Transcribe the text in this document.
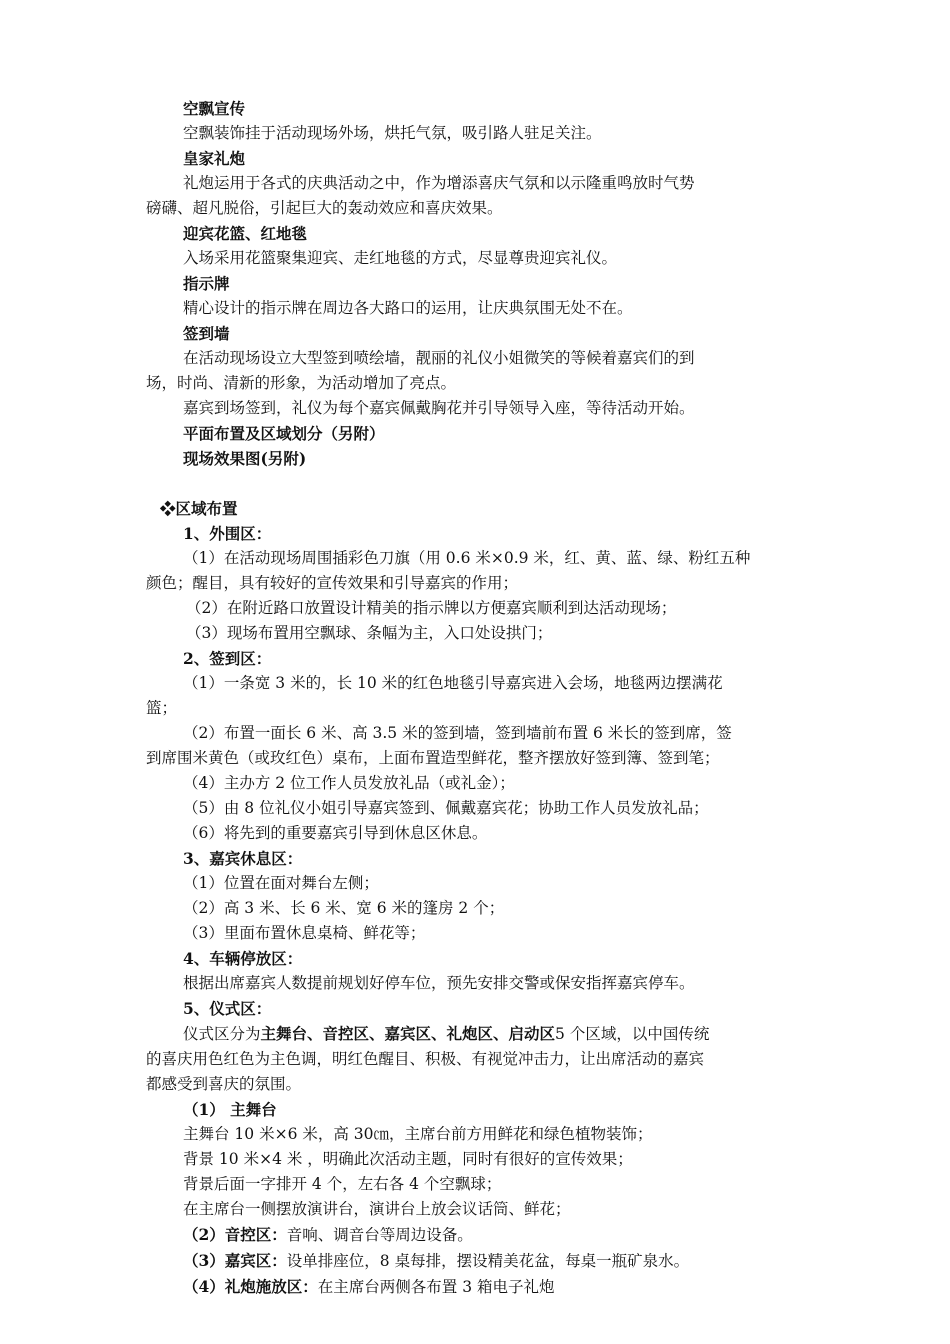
空飘宣传
空飘装饰挂于活动现场外场，烘托气氛，吸引路人驻足关注。
皇家礼炮
礼炮运用于各式的庆典活动之中，作为增添喜庆气氛和以示隆重鸣放时气势
磅礴、超凡脱俗，引起巨大的轰动效应和喜庆效果。
迎宾花篮、红地毯
入场采用花篮聚集迎宾、走红地毯的方式，尽显尊贵迎宾礼仪。
指示牌
精心设计的指示牌在周边各大路口的运用，让庆典氛围无处不在。
签到墙
在活动现场设立大型签到喷绘墙，靓丽的礼仪小姐微笑的等候着嘉宾们的到
场，时尚、清新的形象，为活动增加了亮点。
嘉宾到场签到，礼仪为每个嘉宾佩戴胸花并引导领导入座，等待活动开始。
平面布置及区域划分（另附）
现场效果图(另附)
❖区域布置
1、外围区：
（1）在活动现场周围插彩色刀旗（用 0.6 米×0.9 米，红、黄、蓝、绿、粉红五种
颜色；醒目，具有较好的宣传效果和引导嘉宾的作用；
（2）在附近路口放置设计精美的指示牌以方便嘉宾顺利到达活动现场；
（3）现场布置用空飘球、条幅为主，入口处设拱门；
2、签到区：
（1）一条宽 3 米的，长 10 米的红色地毯引导嘉宾进入会场，地毯两边摆满花
篮；
（2）布置一面长 6 米、高 3.5 米的签到墙，签到墙前布置 6 米长的签到席，签
到席围米黄色（或玫红色）桌布，上面布置造型鲜花，整齐摆放好签到簿、签到笔；
（4）主办方 2 位工作人员发放礼品（或礼金）；
（5）由 8 位礼仪小姐引导嘉宾签到、佩戴嘉宾花；协助工作人员发放礼品；
（6）将先到的重要嘉宾引导到休息区休息。
3、嘉宾休息区：
（1）位置在面对舞台左侧；
（2）高 3 米、长 6 米、宽 6 米的篷房 2 个；
（3）里面布置休息桌椅、鲜花等；
4、车辆停放区：
根据出席嘉宾人数提前规划好停车位，预先安排交警或保安指挥嘉宾停车。
5、仪式区：
仪式区分为主舞台、音控区、嘉宾区、礼炮区、启动区5 个区域，以中国传统
的喜庆用色红色为主色调，明红色醒目、积极、有视觉冲击力，让出席活动的嘉宾
都感受到喜庆的氛围。
（1） 主舞台
主舞台 10 米×6 米，高 30㎝，主席台前方用鲜花和绿色植物装饰；
背景 10 米×4 米 ，明确此次活动主题，同时有很好的宣传效果；
背景后面一字排开 4 个，左右各 4 个空飘球；
在主席台一侧摆放演讲台，演讲台上放会议话筒、鲜花；
（2）音控区：音响、调音台等周边设备。
（3）嘉宾区：设单排座位，8 桌每排，摆设精美花盆，每桌一瓶矿泉水。
（4）礼炮施放区：在主席台两侧各布置 3 箱电子礼炮
